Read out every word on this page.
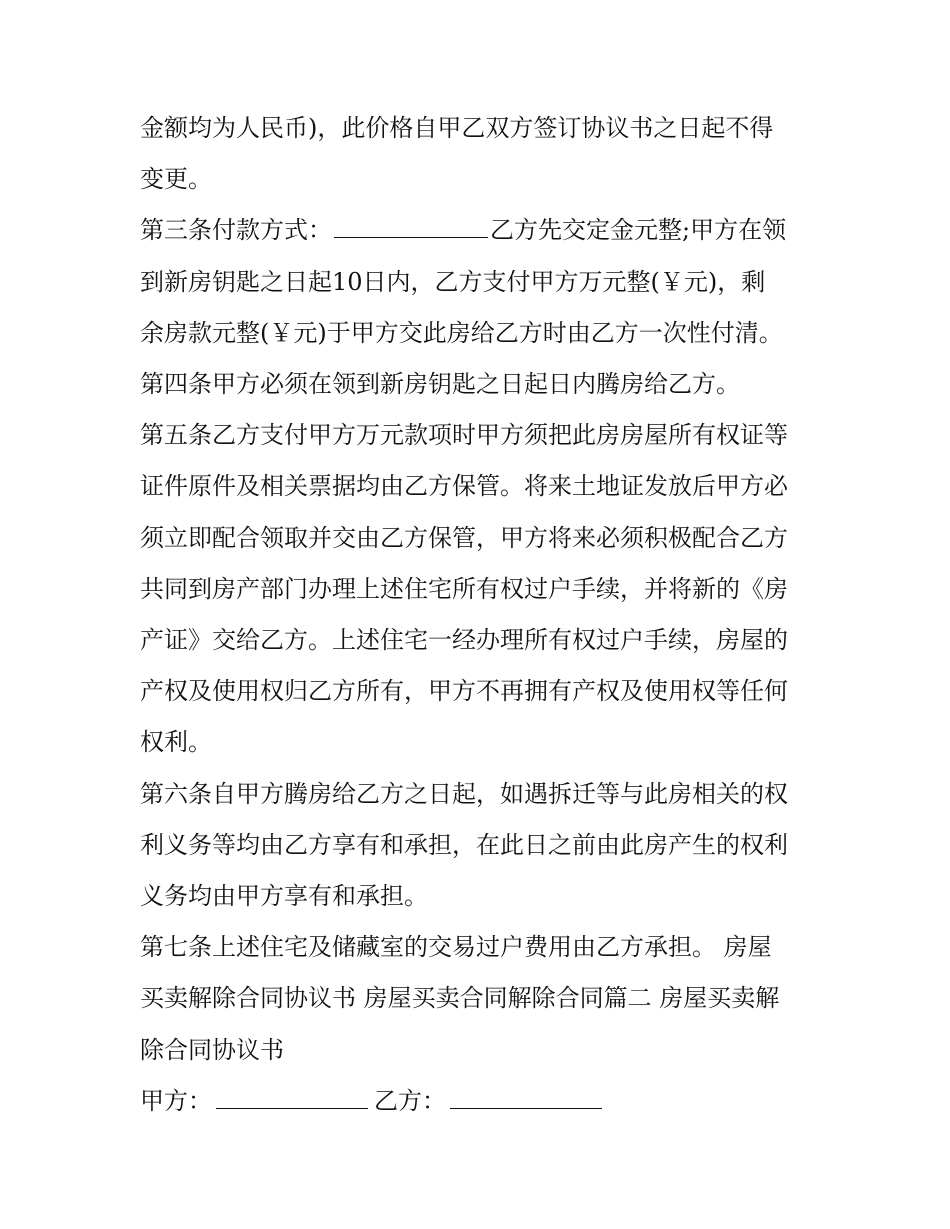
金额均为人民币)，此价格自甲乙双方签订协议书之日起不得
变更。
第三条付款方式：	乙方先交定金元整;甲方在领
到新房钥匙之日起10日内，乙方支付甲方万元整(￥元)，剩
余房款元整(￥元)于甲方交此房给乙方时由乙方一次性付清。
第四条甲方必须在领到新房钥匙之日起日内腾房给乙方。
第五条乙方支付甲方万元款项时甲方须把此房房屋所有权证等
证件原件及相关票据均由乙方保管。将来土地证发放后甲方必
须立即配合领取并交由乙方保管，甲方将来必须积极配合乙方
共同到房产部门办理上述住宅所有权过户手续，并将新的《房
产证》交给乙方。上述住宅一经办理所有权过户手续，房屋的
产权及使用权归乙方所有，甲方不再拥有产权及使用权等任何
权利。
第六条自甲方腾房给乙方之日起，如遇拆迁等与此房相关的权
利义务等均由乙方享有和承担，在此日之前由此房产生的权利
义务均由甲方享有和承担。
第七条上述住宅及储藏室的交易过户费用由乙方承担。 房屋
买卖解除合同协议书 房屋买卖合同解除合同篇二 房屋买卖解
除合同协议书
甲方：	乙方：
